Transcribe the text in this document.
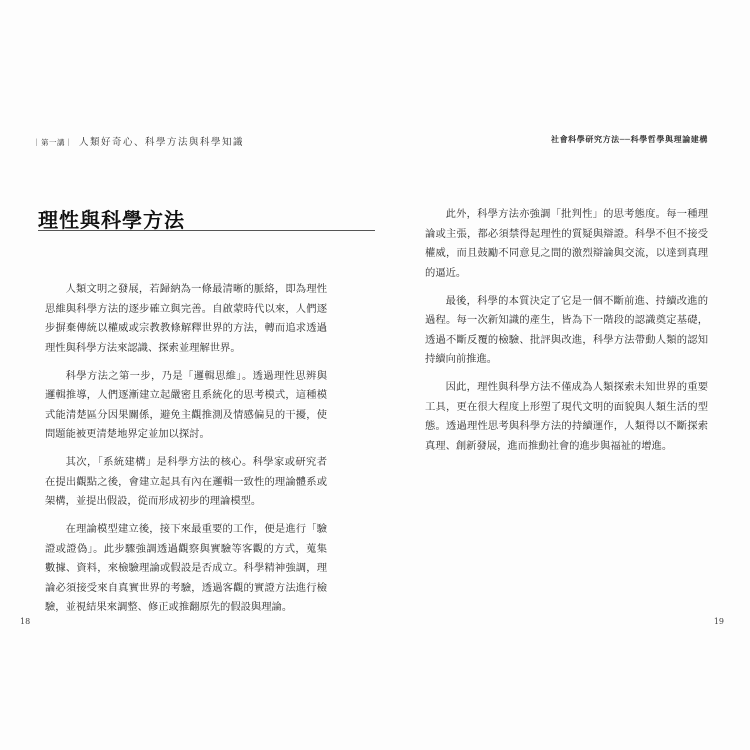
｜第一講｜ 人類好奇心、科學方法與科學知識
理性與科學方法

人類文明之發展，若歸納為一條最清晰的脈絡，即為理性思維與科學方法的逐步確立與完善。自啟蒙時代以來，人們逐步摒棄傳統以權威或宗教教條解釋世界的方法，轉而追求透過理性與科學方法來認識、探索並理解世界。

科學方法之第一步，乃是「邏輯思維」。透過理性思辨與邏輯推導，人們逐漸建立起嚴密且系統化的思考模式，這種模式能清楚區分因果關係，避免主觀推測及情感偏見的干擾，使問題能被更清楚地界定並加以探討。

其次，「系統建構」是科學方法的核心。科學家或研究者在提出觀點之後，會建立起具有內在邏輯一致性的理論體系或架構，並提出假設，從而形成初步的理論模型。

在理論模型建立後，接下來最重要的工作，便是進行「驗證或證偽」。此步驟強調透過觀察與實驗等客觀的方式，蒐集數據、資料，來檢驗理論或假設是否成立。科學精神強調，理論必須接受來自真實世界的考驗，透過客觀的實證方法進行檢驗，並視結果來調整、修正或推翻原先的假設與理論。

18
社會科學研究方法──科學哲學與理論建構

此外，科學方法亦強調「批判性」的思考態度。每一種理論或主張，都必須禁得起理性的質疑與辯證。科學不但不接受權威，而且鼓勵不同意見之間的激烈辯論與交流，以達到真理的逼近。

最後，科學的本質決定了它是一個不斷前進、持續改進的過程。每一次新知識的產生，皆為下一階段的認識奠定基礎，透過不斷反覆的檢驗、批評與改進，科學方法帶動人類的認知持續向前推進。

因此，理性與科學方法不僅成為人類探索未知世界的重要工具，更在很大程度上形塑了現代文明的面貌與人類生活的型態。透過理性思考與科學方法的持續運作，人類得以不斷探索真理、創新發展，進而推動社會的進步與福祉的增進。

19
